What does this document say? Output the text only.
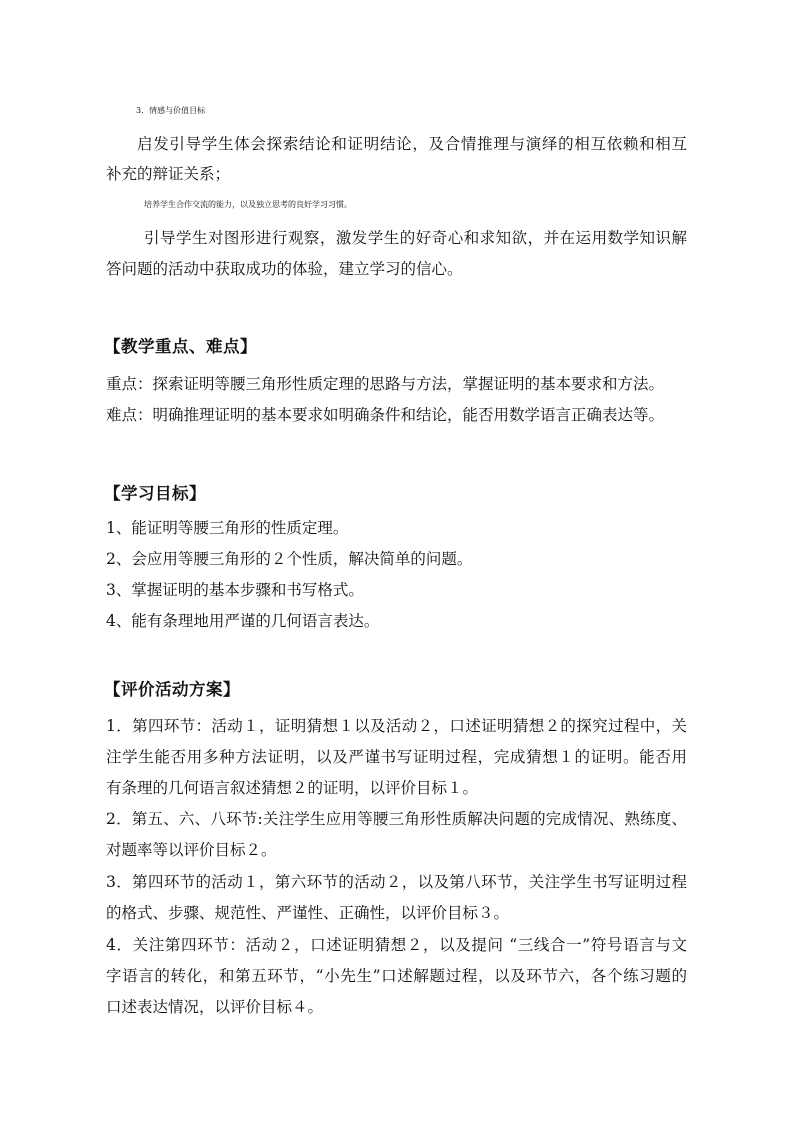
3．情感与价值目标
启发引导学生体会探索结论和证明结论，及合情推理与演绎的相互依赖和相互
补充的辩证关系；
培养学生合作交流的能力，以及独立思考的良好学习习惯。
引导学生对图形进行观察，激发学生的好奇心和求知欲，并在运用数学知识解
答问题的活动中获取成功的体验，建立学习的信心。
【教学重点、难点】
重点：探索证明等腰三角形性质定理的思路与方法，掌握证明的基本要求和方法。
难点：明确推理证明的基本要求如明确条件和结论，能否用数学语言正确表达等。
【学习目标】
1、能证明等腰三角形的性质定理。
2、会应用等腰三角形的２个性质，解决简单的问题。
3、掌握证明的基本步骤和书写格式。
4、能有条理地用严谨的几何语言表达。
【评价活动方案】
1．第四环节：活动１，证明猜想１以及活动２，口述证明猜想２的探究过程中，关
注学生能否用多种方法证明，以及严谨书写证明过程，完成猜想１的证明。能否用
有条理的几何语言叙述猜想２的证明，以评价目标１。
2．第五、六、八环节:关注学生应用等腰三角形性质解决问题的完成情况、熟练度、
对题率等以评价目标２。
3．第四环节的活动１，第六环节的活动２，以及第八环节，关注学生书写证明过程
的格式、步骤、规范性、严谨性、正确性，以评价目标３。
4．关注第四环节：活动２，口述证明猜想２，以及提问 “三线合一”符号语言与文
字语言的转化，和第五环节，“小先生”口述解题过程，以及环节六，各个练习题的
口述表达情况，以评价目标４。
